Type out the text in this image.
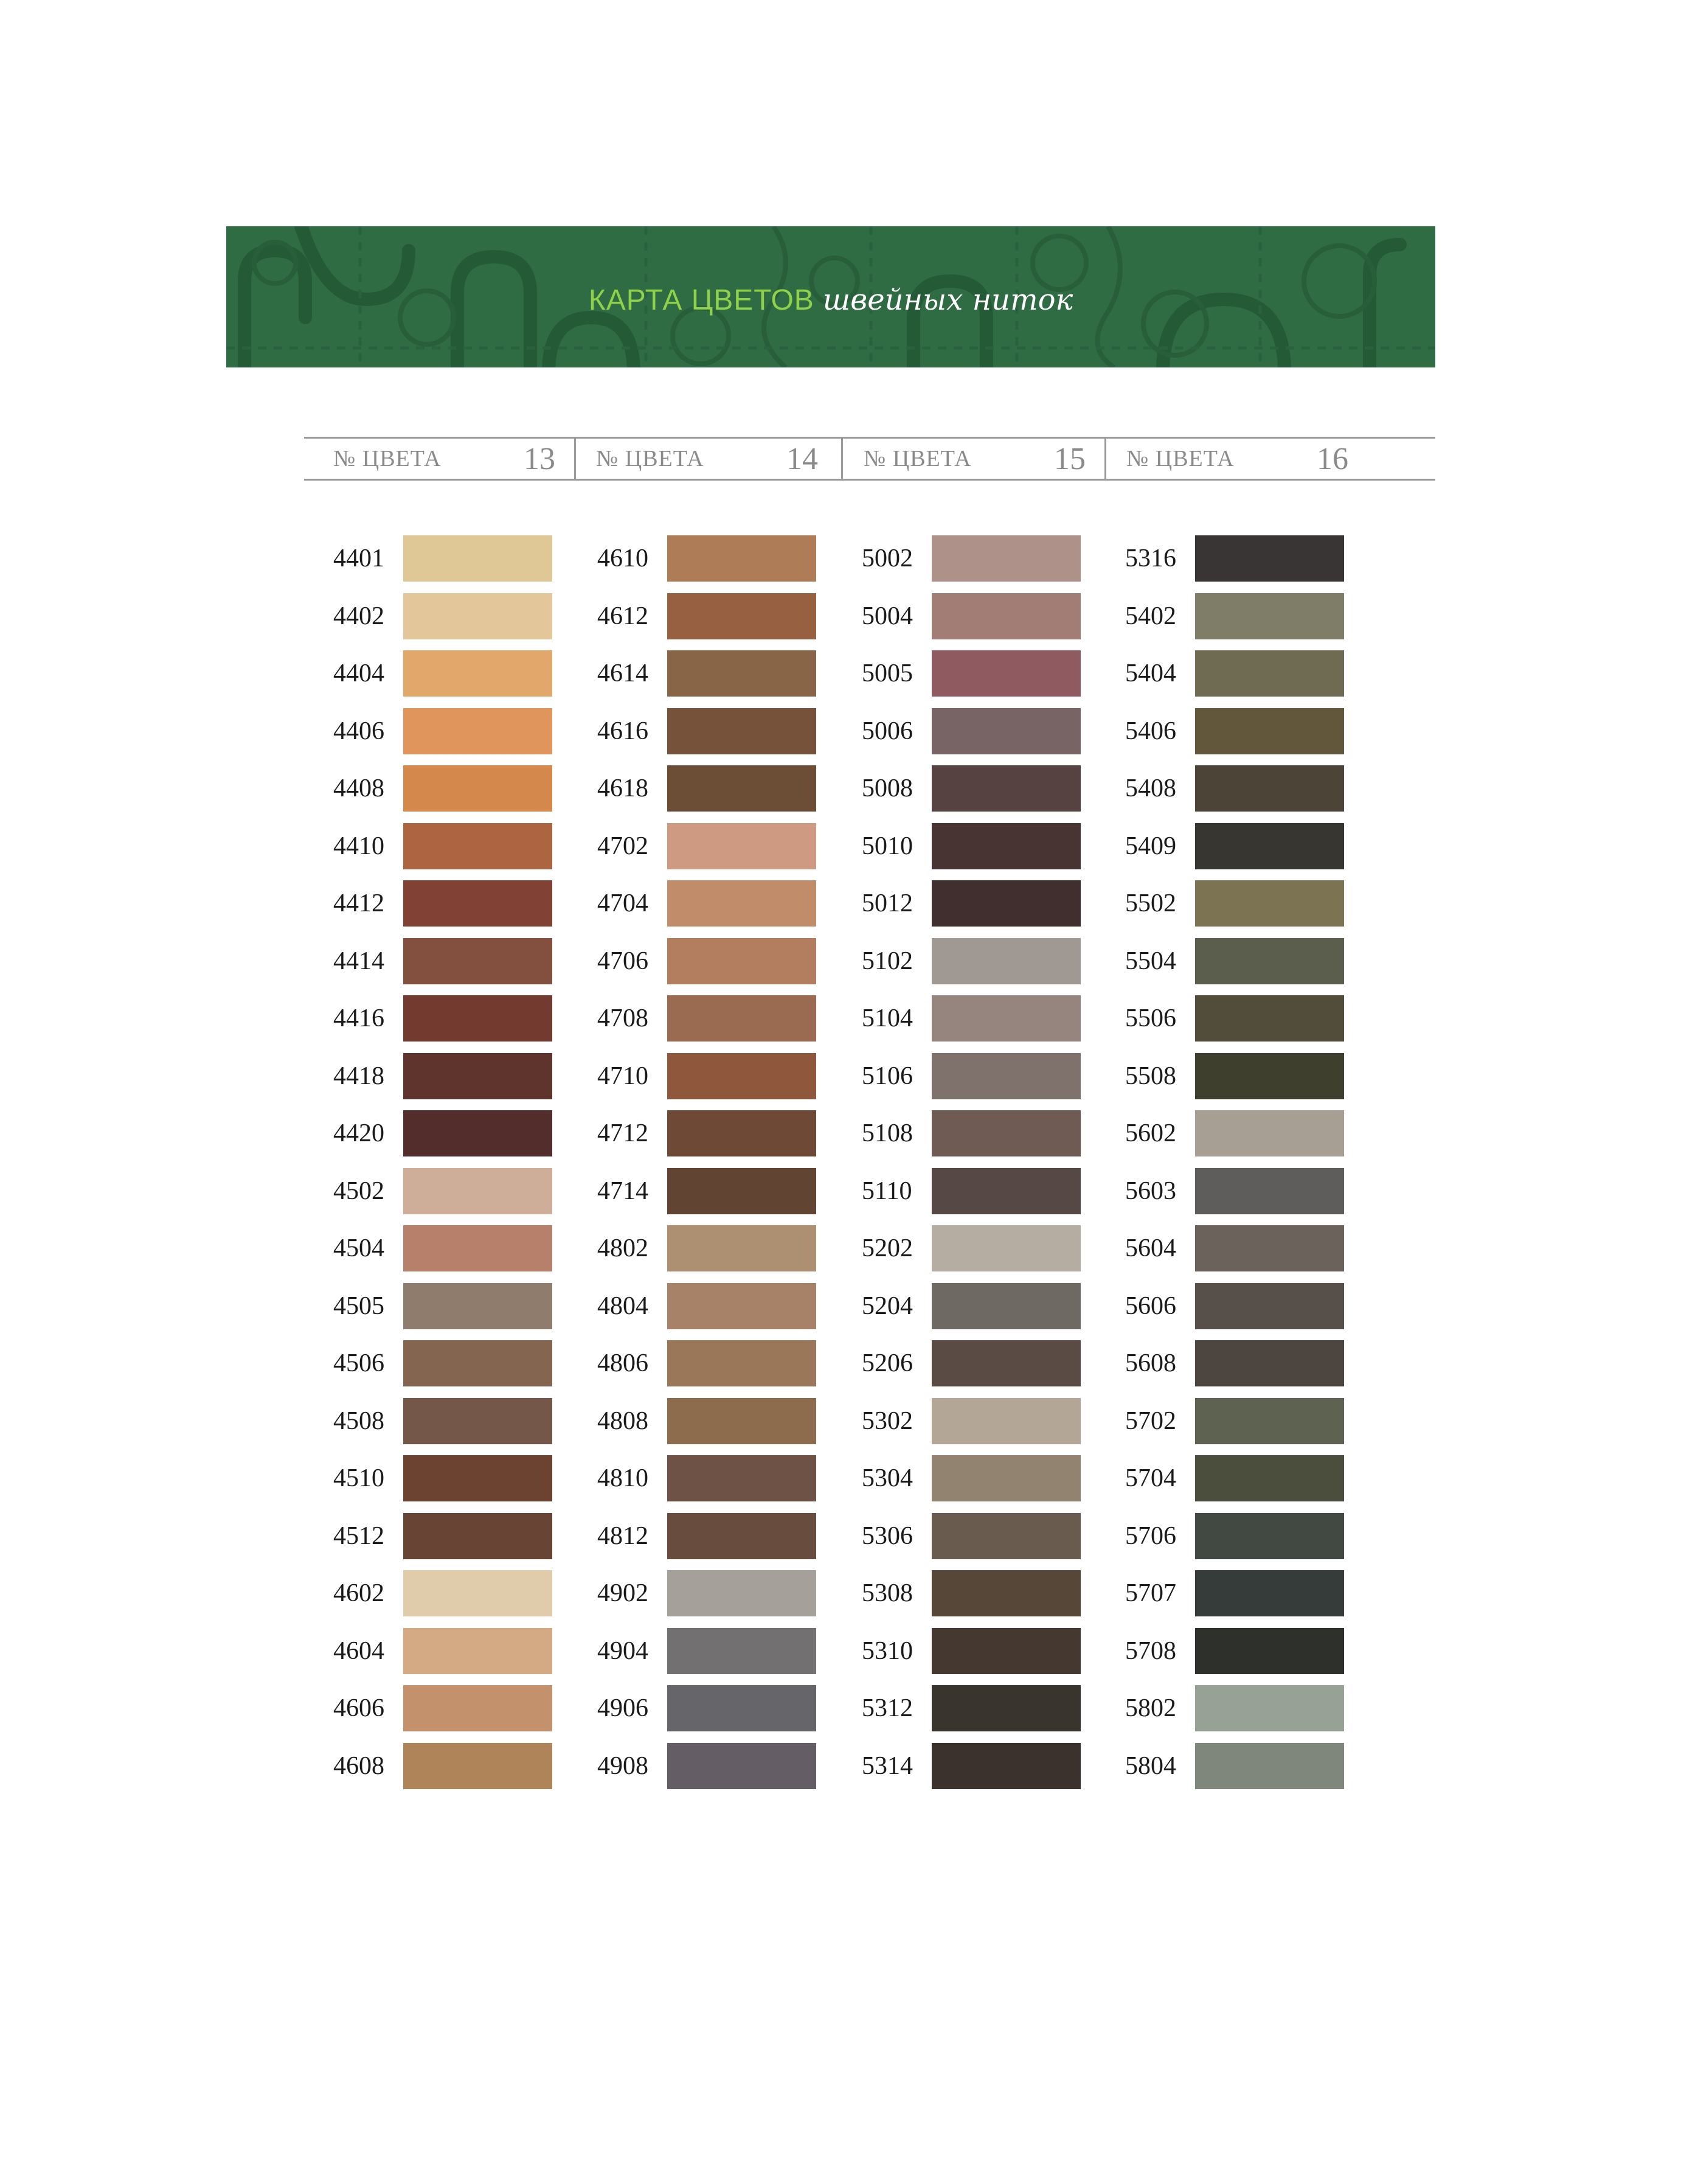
КАРТА ЦВЕТОВ швейных ниток
№ ЦВЕТА	13 № ЦВЕТА	14 № ЦВЕТА	15 № ЦВЕТА	16
4401
4402
4404
4406
4408
4410
4412
4414
4416
4418
4420
4502
4504
4505
4506
4508
4510
4512
4602
4604
4606
4608
4610
4612
4614
4616
4618
4702
4704
4706
4708
4710
4712
4714
4802
4804
4806
4808
4810
4812
4902
4904
4906
4908
5002
5004
5005
5006
5008
5010
5012
5102
5104
5106
5108
5110
5202
5204
5206
5302
5304
5306
5308
5310
5312
5314
5316
5402
5404
5406
5408
5409
5502
5504
5506
5508
5602
5603
5604
5606
5608
5702
5704
5706
5707
5708
5802
5804
